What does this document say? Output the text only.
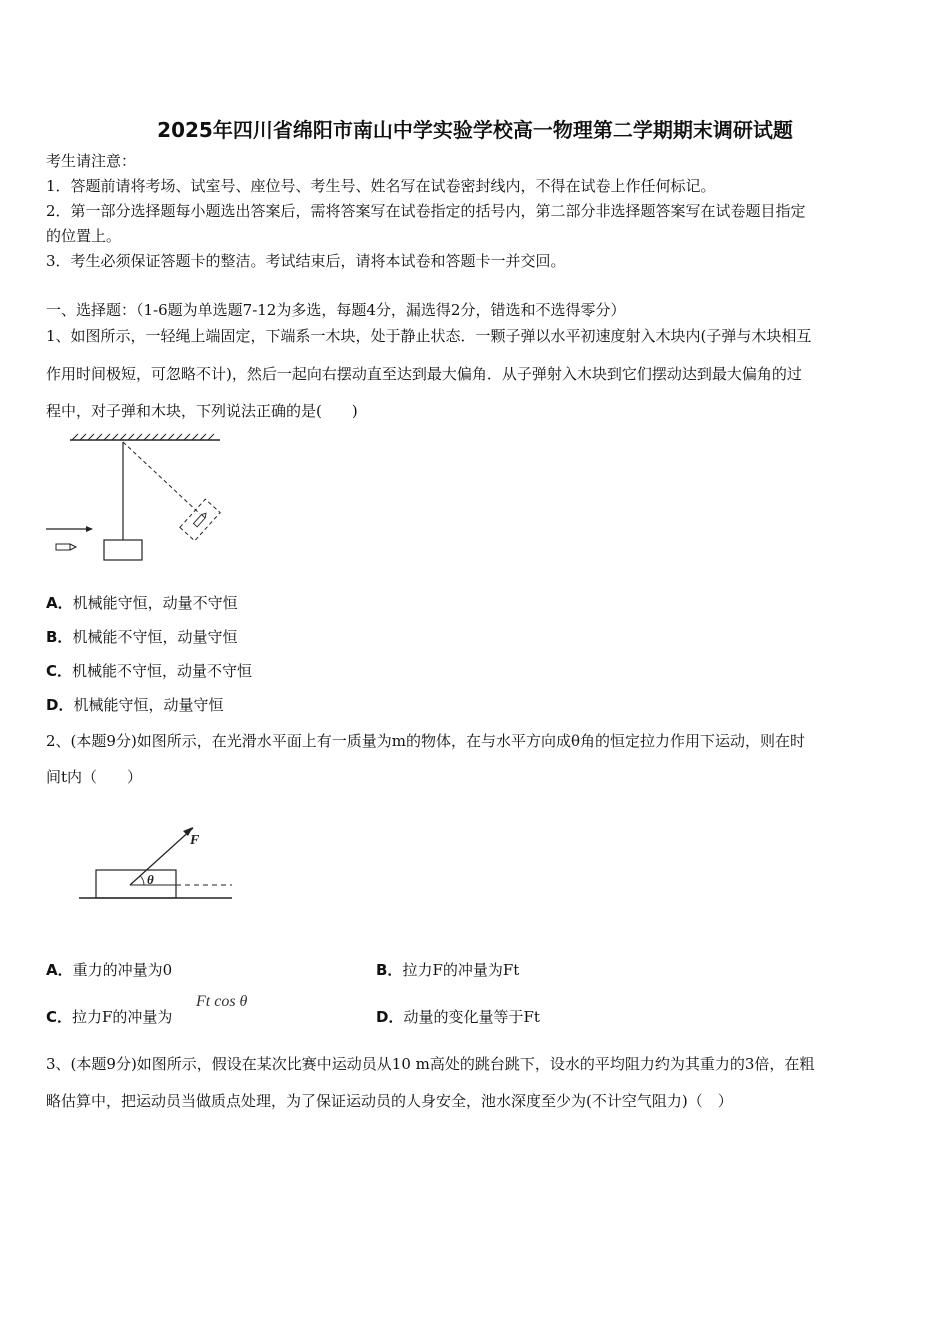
2025年四川省绵阳市南山中学实验学校高一物理第二学期期末调研试题
考生请注意：
1．答题前请将考场、试室号、座位号、考生号、姓名写在试卷密封线内，不得在试卷上作任何标记。
2．第一部分选择题每小题选出答案后，需将答案写在试卷指定的括号内，第二部分非选择题答案写在试卷题目指定
的位置上。
3．考生必须保证答题卡的整洁。考试结束后，请将本试卷和答题卡一并交回。
一、选择题：（1-6题为单选题7-12为多选，每题4分，漏选得2分，错选和不选得零分）
1、如图所示，一轻绳上端固定，下端系一木块，处于静止状态．一颗子弹以水平初速度射入木块内(子弹与木块相互
作用时间极短，可忽略不计)，然后一起向右摆动直至达到最大偏角．从子弹射入木块到它们摆动达到最大偏角的过
程中，对子弹和木块，下列说法正确的是(　　)
A．机械能守恒，动量不守恒
B．机械能不守恒，动量守恒
C．机械能不守恒，动量不守恒
D．机械能守恒，动量守恒
2、(本题9分)如图所示，在光滑水平面上有一质量为m的物体，在与水平方向成θ角的恒定拉力作用下运动，则在时
间t内（　　）
F
θ
A．重力的冲量为0	B．拉力F的冲量为Ft
C．拉力F的冲量为
Ft cos θ
D．动量的变化量等于Ft
3、(本题9分)如图所示，假设在某次比赛中运动员从10 m高处的跳台跳下，设水的平均阻力约为其重力的3倍，在粗
略估算中，把运动员当做质点处理，为了保证运动员的人身安全，池水深度至少为(不计空气阻力)（　）
